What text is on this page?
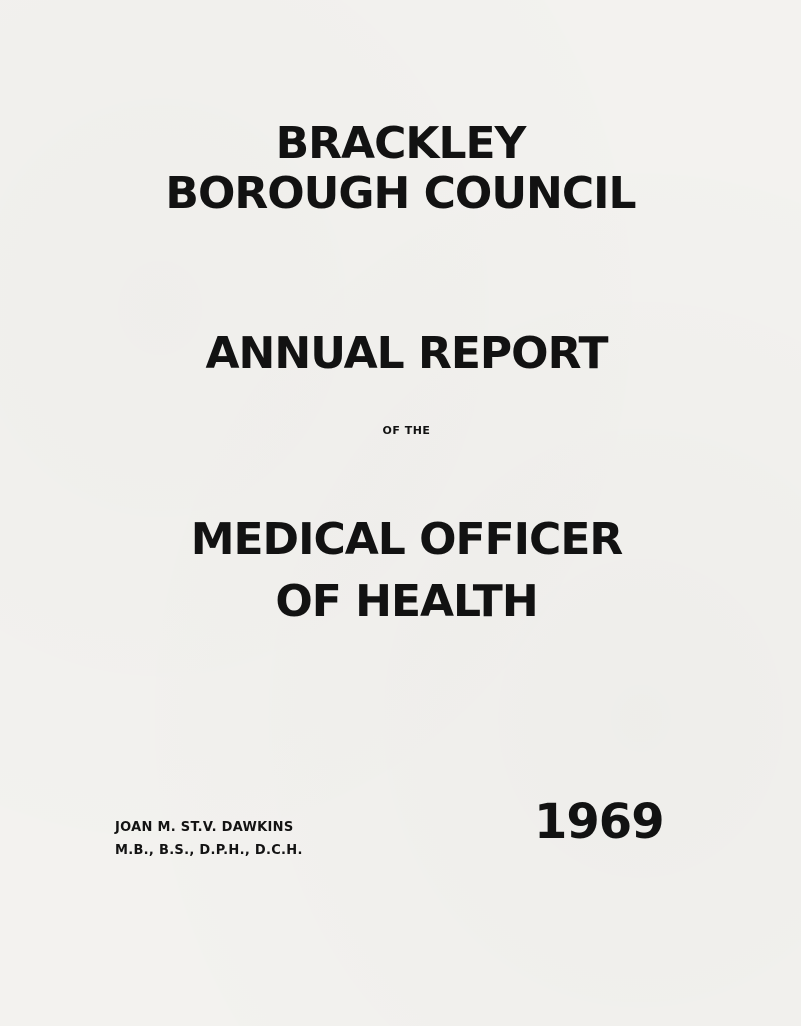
BRACKLEY
BOROUGH COUNCIL
ANNUAL REPORT
OF THE
MEDICAL OFFICER
OF HEALTH
JOAN M. ST.V. DAWKINS
M.B., B.S., D.P.H., D.C.H.
1969
